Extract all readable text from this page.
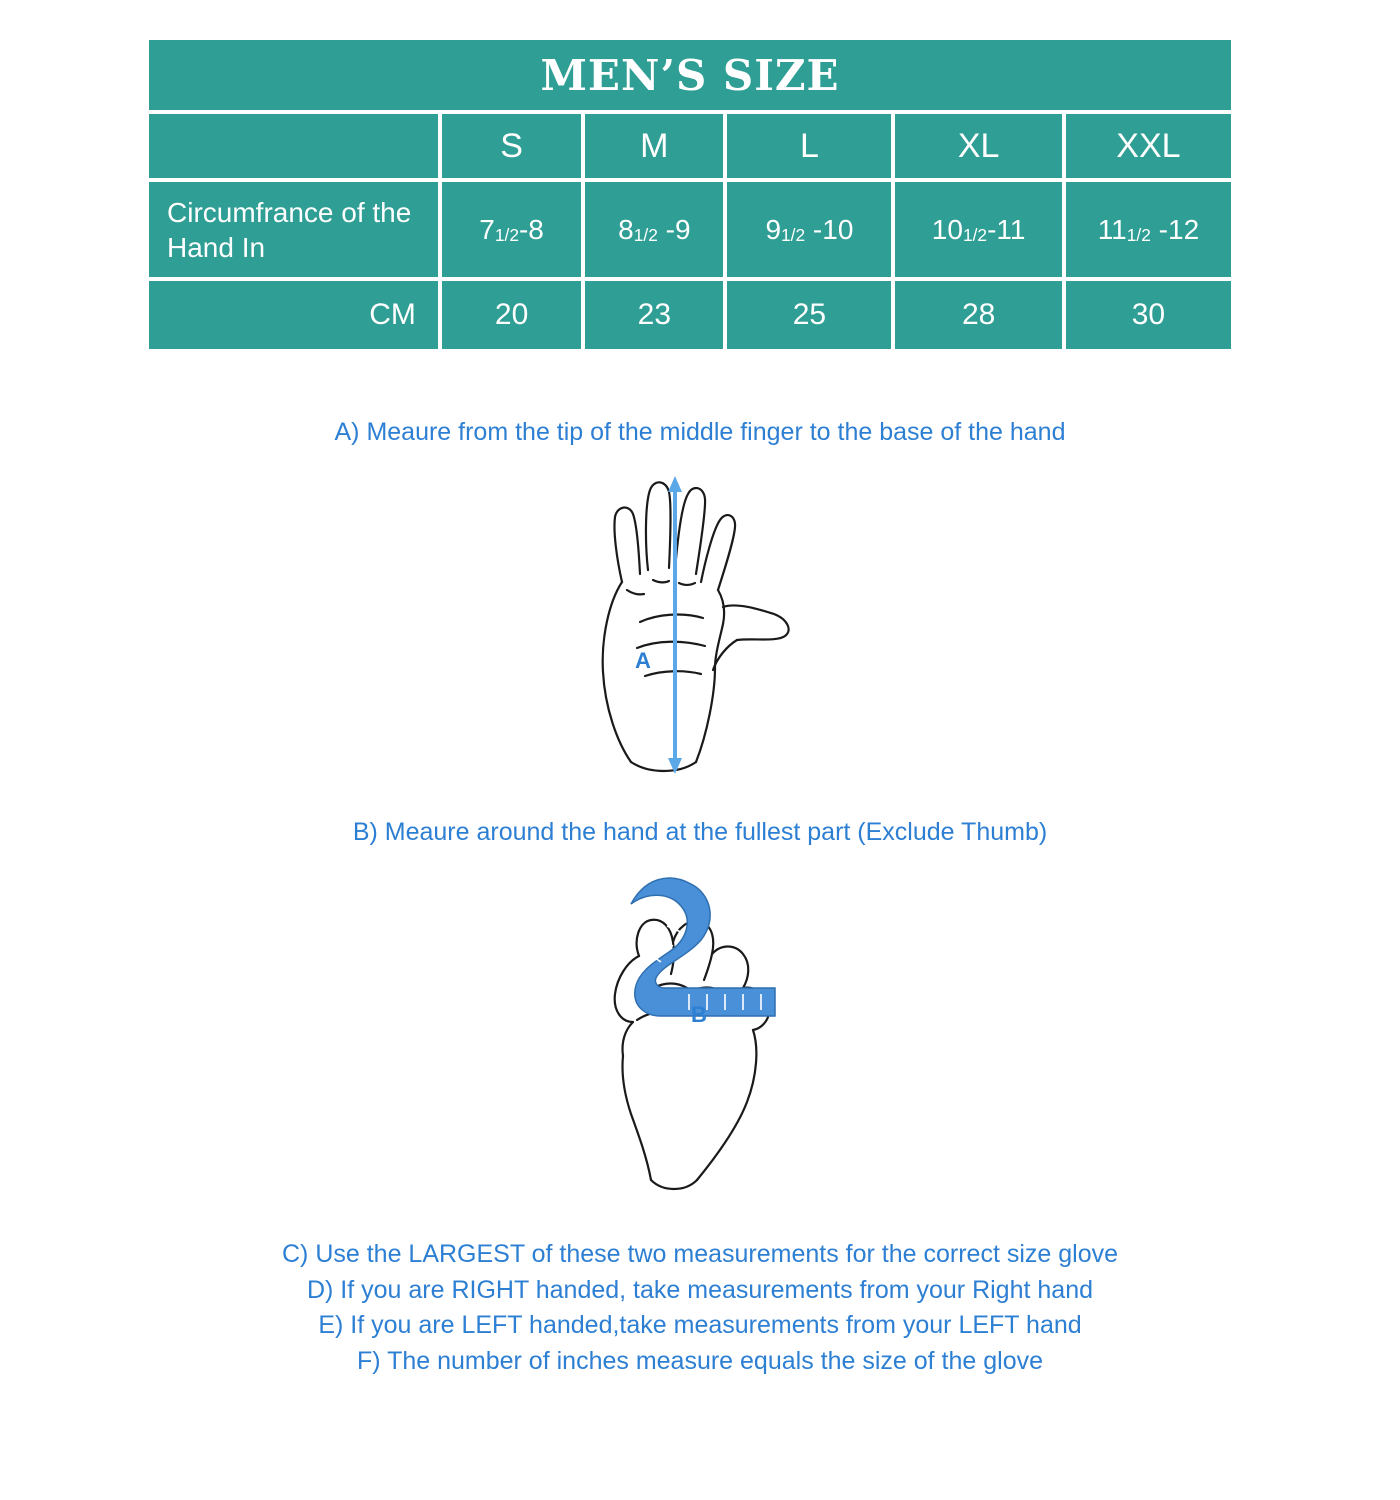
MEN’S SIZE					
	S	M	L	XL	XXL
Circumfrance of the Hand In	71/2-8	81/2 -9	91/2 -10	101/2-11	111/2 -12
CM	20	23	25	28	30
A) Meaure from the tip of the middle finger to the base of the hand
A
B) Meaure around the hand at the fullest part (Exclude Thumb)
B
C) Use the LARGEST of these two measurements for the correct size glove
D) If you are RIGHT handed, take measurements from your Right hand
E) If you are LEFT handed,take measurements from your LEFT hand
F) The number of inches measure equals the size of the glove
